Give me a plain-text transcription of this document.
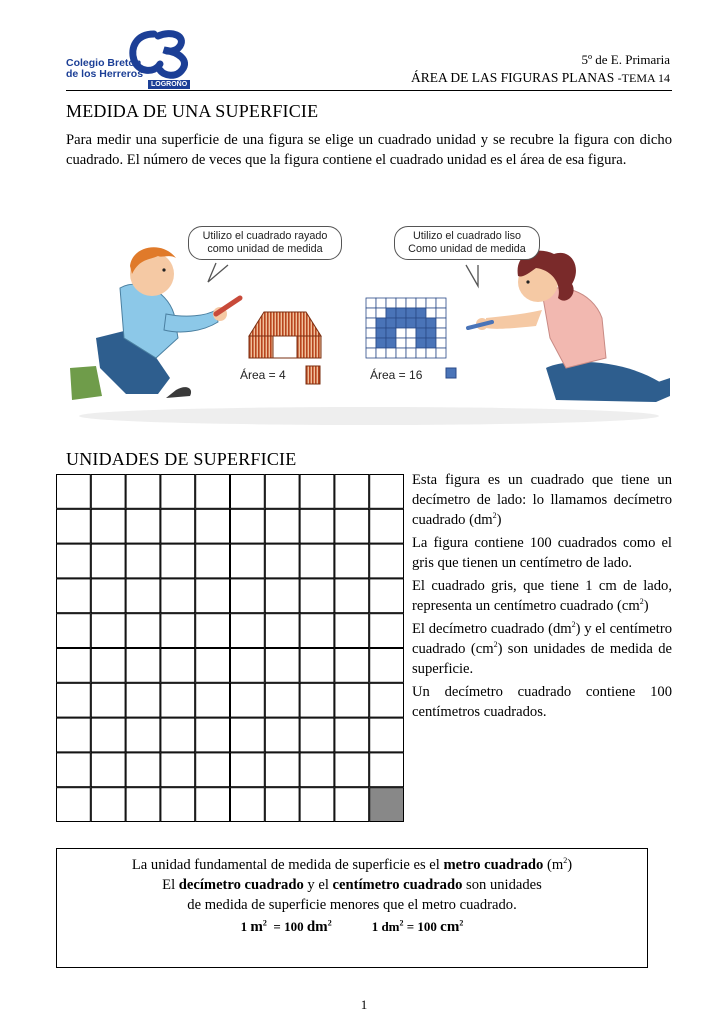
Colegio Bretón
de los Herreros
LOGROÑO
5º de E. Primaria
ÁREA DE LAS FIGURAS PLANAS -TEMA 14
MEDIDA DE UNA SUPERFICIE
Para medir una superficie de una figura se elige un cuadrado unidad y se recubre la figura con dicho cuadrado. El número de veces que la figura contiene el cuadrado unidad es el área de esa figura.
Utilizo el cuadrado rayado
como unidad de medida
Utilizo el cuadrado liso
Como unidad de medida
Área = 4	Área = 16
UNIDADES DE SUPERFICIE

Esta figura es un cuadrado que tiene un decímetro de lado: lo llamamos decímetro cuadrado $(dm^2)$

La figura contiene 100 cuadrados como el gris que tienen un centímetro de lado.

El cuadrado gris, que tiene 1 cm de lado, representa un centímetro cuadrado $(cm^2)$

El decímetro cuadrado $(dm^2)$ y el centímetro cuadrado $(cm^2)$ son unidades de medida de superficie.

Un decímetro cuadrado contiene 100 centímetros cuadrados.

La unidad fundamental de medida de superficie es el metro cuadrado $(m^2)$
El decímetro cuadrado y el centímetro cuadrado son unidades
de medida de superficie menores que el metro cuadrado.
1 $m^2 = 100$ $dm^2$	1 $dm^2 = 100$ $cm^2$
1
